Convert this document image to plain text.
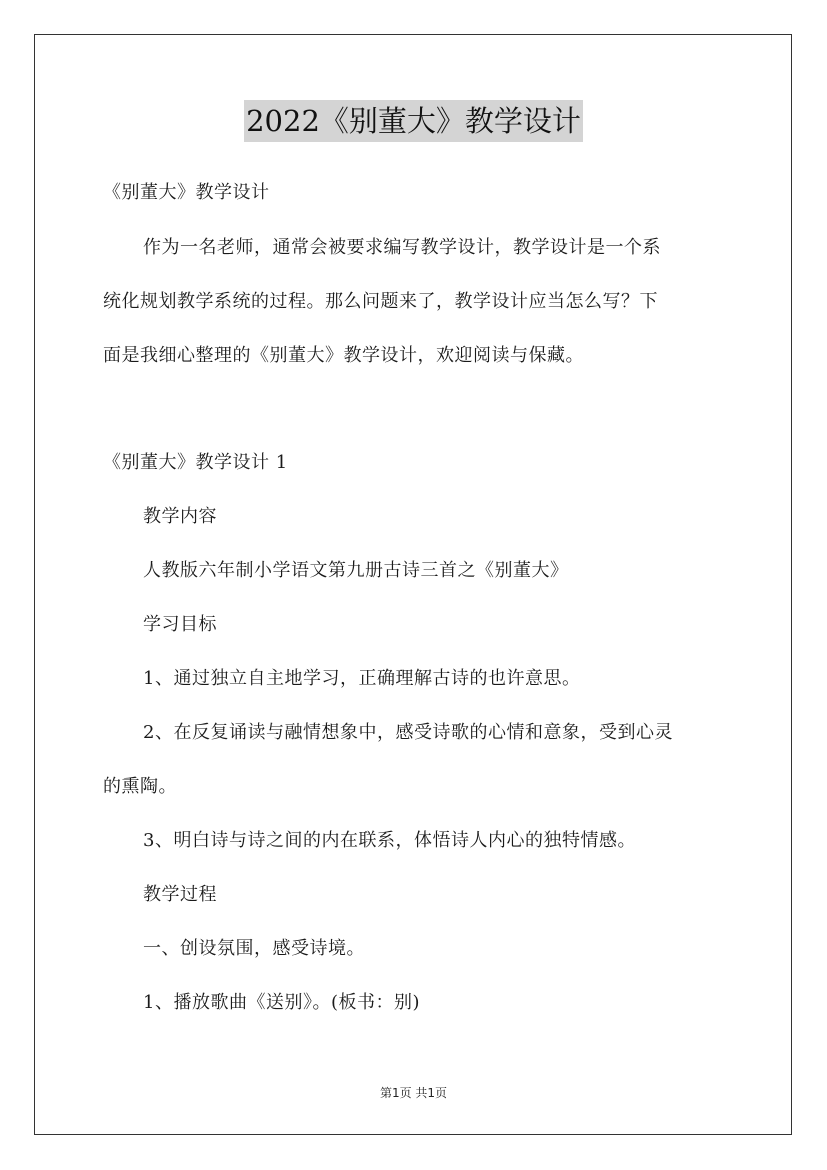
2022《别董大》教学设计
《别董大》教学设计
作为一名老师，通常会被要求编写教学设计，教学设计是一个系
统化规划教学系统的过程。那么问题来了，教学设计应当怎么写？下
面是我细心整理的《别董大》教学设计，欢迎阅读与保藏。
《别董大》教学设计 1
教学内容
人教版六年制小学语文第九册古诗三首之《别董大》
学习目标
1、通过独立自主地学习，正确理解古诗的也许意思。
2、在反复诵读与融情想象中，感受诗歌的心情和意象，受到心灵
的熏陶。
3、明白诗与诗之间的内在联系，体悟诗人内心的独特情感。
教学过程
一、创设氛围，感受诗境。
1、播放歌曲《送别》。(板书：别)
第1页 共1页
